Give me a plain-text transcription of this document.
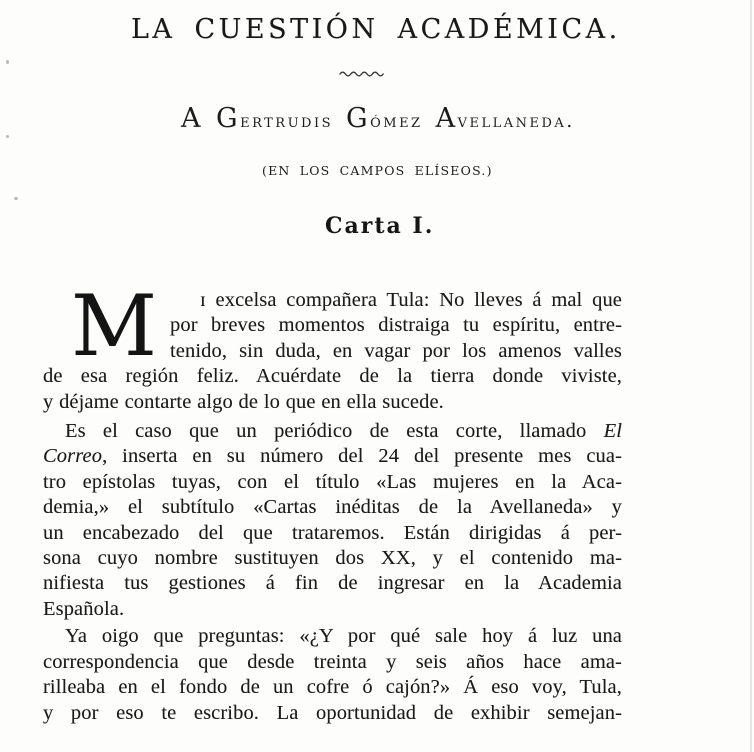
LA CUESTIÓN ACADÉMICA.
A Gertrudis Gómez Avellaneda.
(EN LOS CAMPOS ELÍSEOS.)
Carta I.
M	ɪ excelsa compañera Tula: No lleves á mal que
por breves momentos distraiga tu espíritu, entre-
tenido, sin duda, en vagar por los amenos valles
de esa región feliz. Acuérdate de la tierra donde viviste,
y déjame contarte algo de lo que en ella sucede.
Es el caso que un periódico de esta corte, llamado El
Correo, inserta en su número del 24 del presente mes cua-
tro epístolas tuyas, con el título «Las mujeres en la Aca-
demia,» el subtítulo «Cartas inéditas de la Avellaneda» y
un encabezado del que trataremos. Están dirigidas á per-
sona cuyo nombre sustituyen dos XX, y el contenido ma-
nifiesta tus gestiones á fin de ingresar en la Academia
Española.
Ya oigo que preguntas: «¿Y por qué sale hoy á luz una
correspondencia que desde treinta y seis años hace ama-
rilleaba en el fondo de un cofre ó cajón?» Á eso voy, Tula,
y por eso te escribo. La oportunidad de exhibir semejan-
